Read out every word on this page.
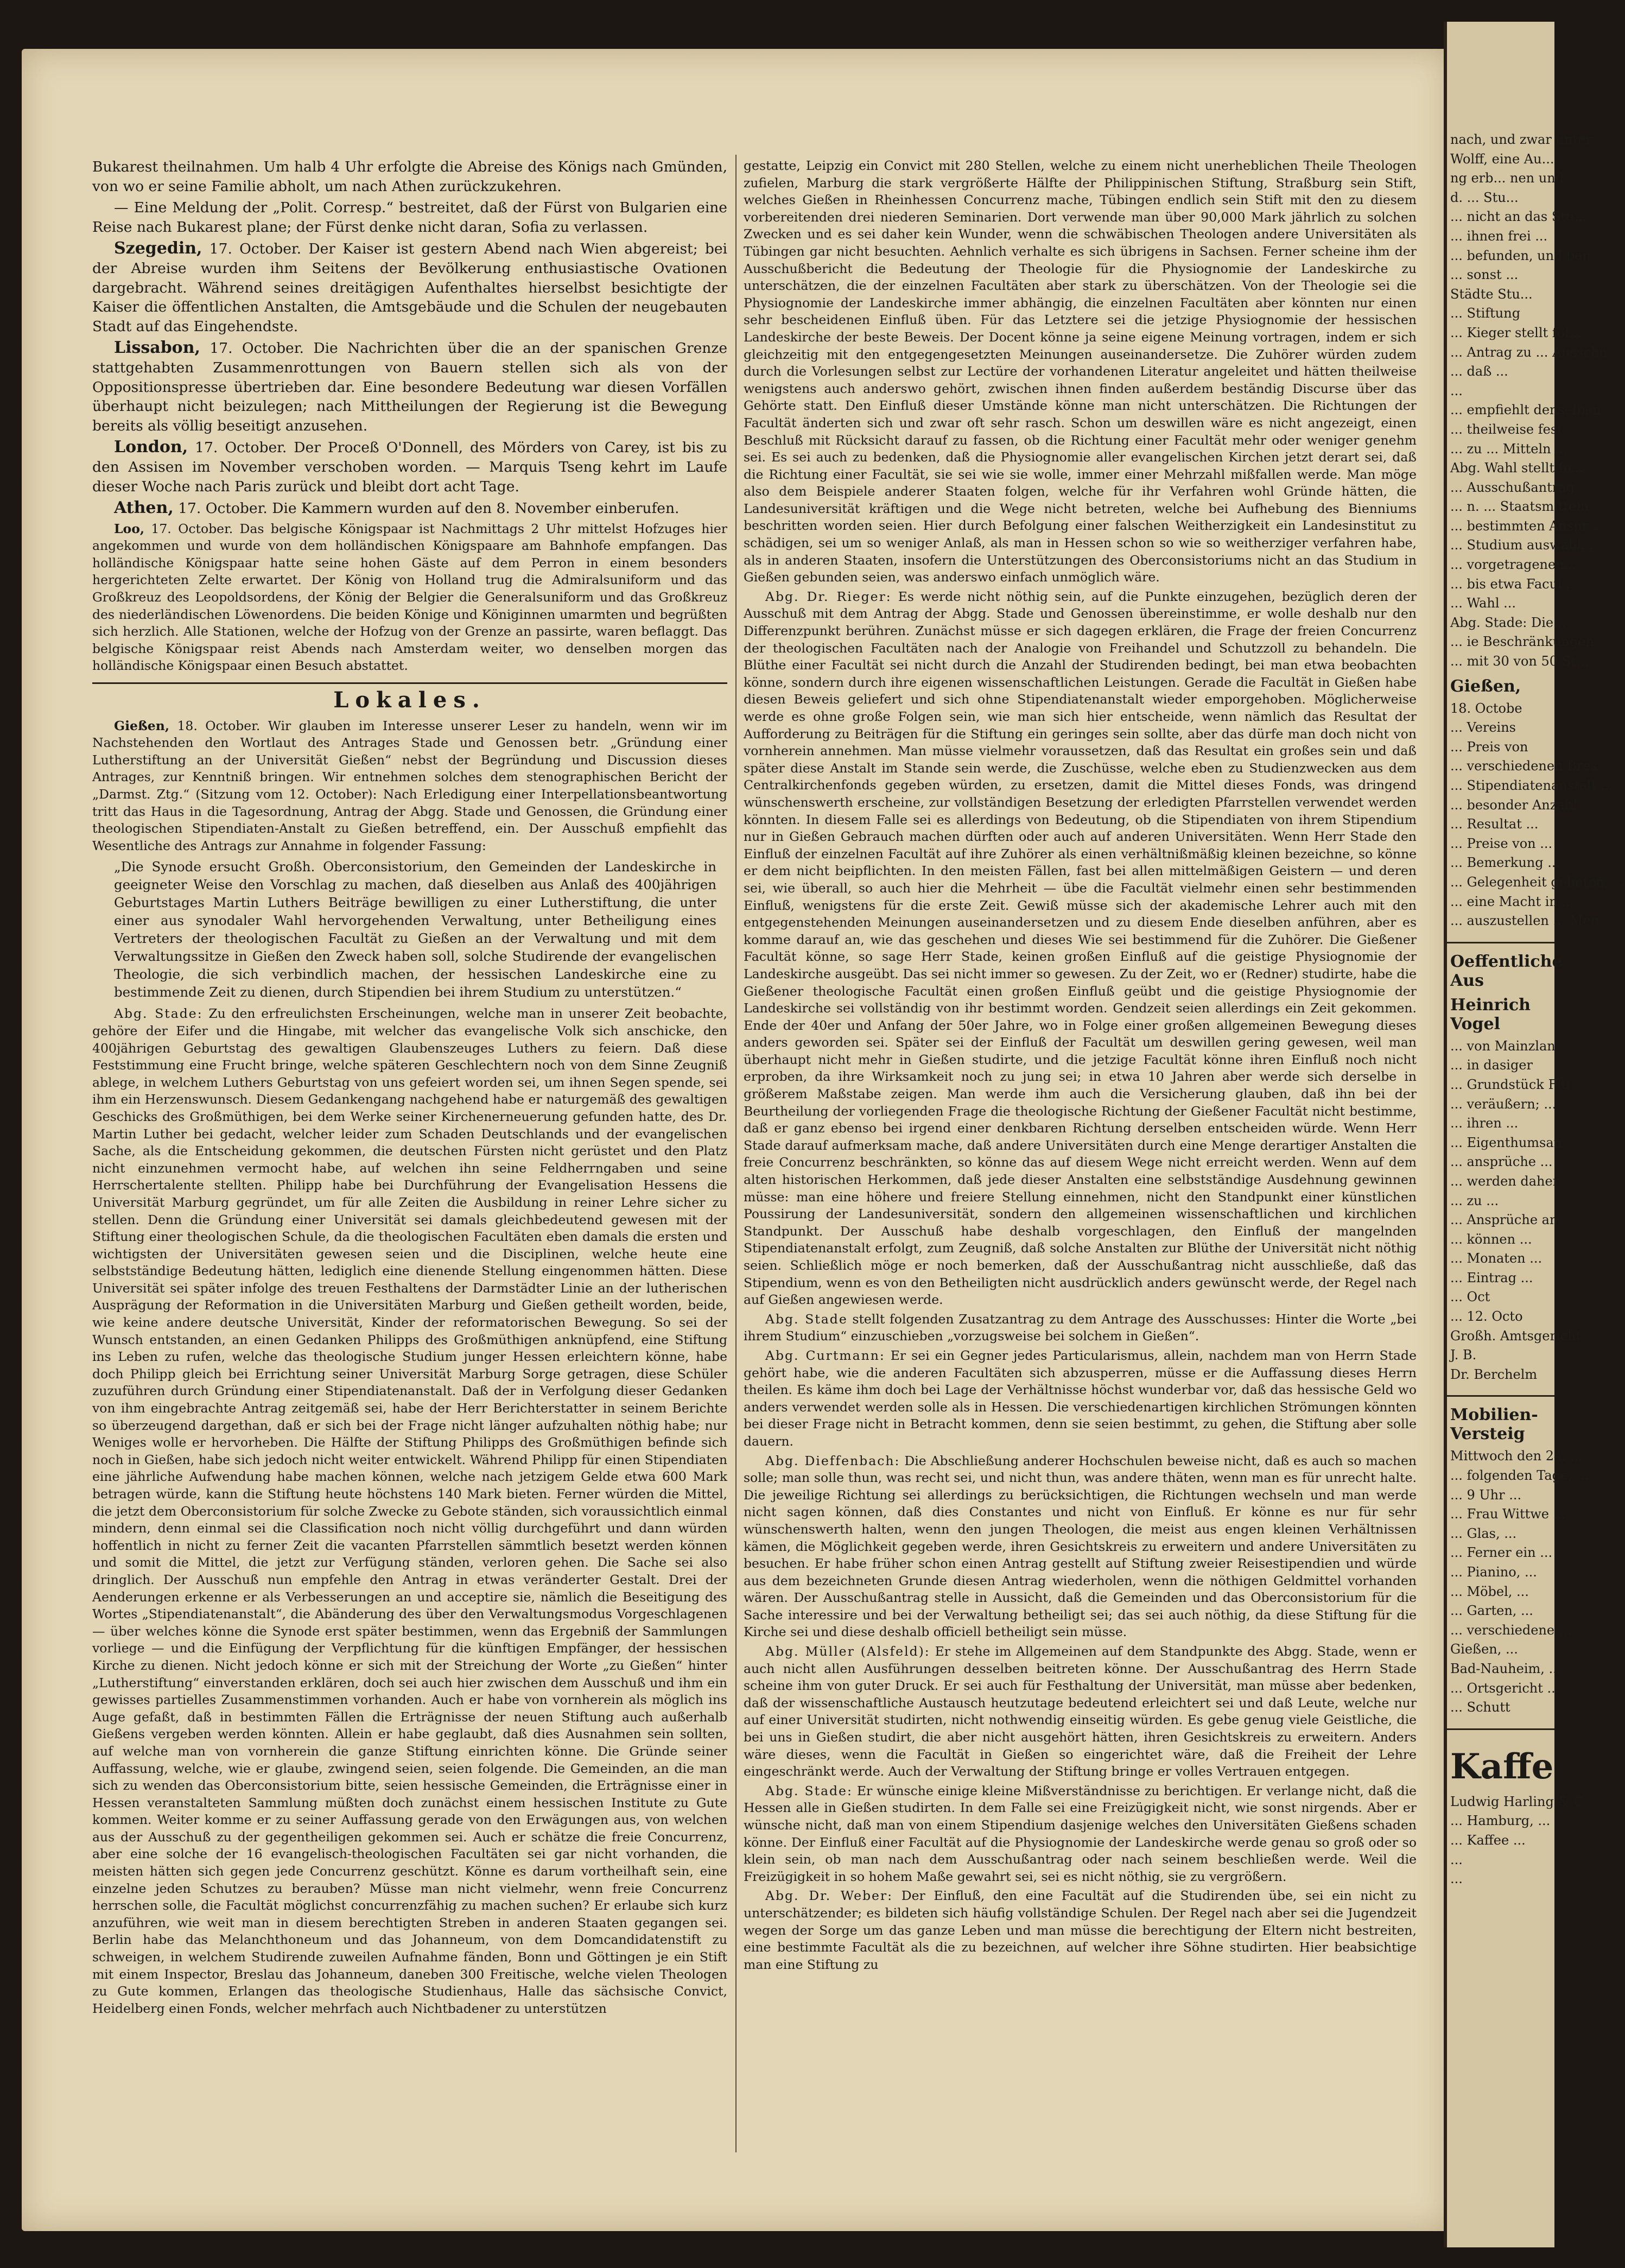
Bukarest theilnahmen. Um halb 4 Uhr erfolgte die Abreise des Königs nach Gmünden, von wo er seine Familie abholt, um nach Athen zurückzukehren.

— Eine Meldung der „Polit. Corresp.“ bestreitet, daß der Fürst von Bulgarien eine Reise nach Bukarest plane; der Fürst denke nicht daran, Sofia zu verlassen.

Szegedin, 17. October. Der Kaiser ist gestern Abend nach Wien abgereist; bei der Abreise wurden ihm Seitens der Bevölkerung enthusiastische Ovationen dargebracht. Während seines dreitägigen Aufenthaltes hierselbst besichtigte der Kaiser die öffentlichen Anstalten, die Amtsgebäude und die Schulen der neugebauten Stadt auf das Eingehendste.

Lissabon, 17. October. Die Nachrichten über die an der spanischen Grenze stattgehabten Zusammenrottungen von Bauern stellen sich als von der Oppositionspresse übertrieben dar. Eine besondere Bedeutung war diesen Vorfällen überhaupt nicht beizulegen; nach Mittheilungen der Regierung ist die Bewegung bereits als völlig beseitigt anzusehen.

London, 17. October. Der Proceß O'Donnell, des Mörders von Carey, ist bis zu den Assisen im November verschoben worden. — Marquis Tseng kehrt im Laufe dieser Woche nach Paris zurück und bleibt dort acht Tage.

Athen, 17. October. Die Kammern wurden auf den 8. November einberufen.

Loo, 17. October. Das belgische Königspaar ist Nachmittags 2 Uhr mittelst Hofzuges hier angekommen und wurde von dem holländischen Königspaare am Bahnhofe empfangen. Das holländische Königspaar hatte seine hohen Gäste auf dem Perron in einem besonders hergerichteten Zelte erwartet. Der König von Holland trug die Admiralsuniform und das Großkreuz des Leopoldsordens, der König der Belgier die Generalsuniform und das Großkreuz des niederländischen Löwenordens. Die beiden Könige und Königinnen umarmten und begrüßten sich herzlich. Alle Stationen, welche der Hofzug von der Grenze an passirte, waren beflaggt. Das belgische Königspaar reist Abends nach Amsterdam weiter, wo denselben morgen das holländische Königspaar einen Besuch abstattet.

Lokales.

Gießen, 18. October. Wir glauben im Interesse unserer Leser zu handeln, wenn wir im Nachstehenden den Wortlaut des Antrages Stade und Genossen betr. „Gründung einer Lutherstiftung an der Universität Gießen“ nebst der Begründung und Discussion dieses Antrages, zur Kenntniß bringen. Wir entnehmen solches dem stenographischen Bericht der „Darmst. Ztg.“ (Sitzung vom 12. October): Nach Erledigung einer Interpellationsbeantwortung tritt das Haus in die Tagesordnung, Antrag der Abgg. Stade und Genossen, die Gründung einer theologischen Stipendiaten-Anstalt zu Gießen betreffend, ein. Der Ausschuß empfiehlt das Wesentliche des Antrags zur Annahme in folgender Fassung:

„Die Synode ersucht Großh. Oberconsistorium, den Gemeinden der Landeskirche in geeigneter Weise den Vorschlag zu machen, daß dieselben aus Anlaß des 400jährigen Geburtstages Martin Luthers Beiträge bewilligen zu einer Lutherstiftung, die unter einer aus synodaler Wahl hervorgehenden Verwaltung, unter Betheiligung eines Vertreters der theologischen Facultät zu Gießen an der Verwaltung und mit dem Verwaltungssitze in Gießen den Zweck haben soll, solche Studirende der evangelischen Theologie, die sich verbindlich machen, der hessischen Landeskirche eine zu bestimmende Zeit zu dienen, durch Stipendien bei ihrem Studium zu unterstützen.“

Abg. Stade: Zu den erfreulichsten Erscheinungen, welche man in unserer Zeit beobachte, gehöre der Eifer und die Hingabe, mit welcher das evangelische Volk sich anschicke, den 400jährigen Geburtstag des gewaltigen Glaubenszeuges Luthers zu feiern. Daß diese Feststimmung eine Frucht bringe, welche späteren Geschlechtern noch von dem Sinne Zeugniß ablege, in welchem Luthers Geburtstag von uns gefeiert worden sei, um ihnen Segen spende, sei ihm ein Herzenswunsch. Diesem Gedankengang nachgehend habe er naturgemäß des gewaltigen Geschicks des Großmüthigen, bei dem Werke seiner Kirchenerneuerung gefunden hatte, des Dr. Martin Luther bei gedacht, welcher leider zum Schaden Deutschlands und der evangelischen Sache, als die Entscheidung gekommen, die deutschen Fürsten nicht gerüstet und den Platz nicht einzunehmen vermocht habe, auf welchen ihn seine Feldherrngaben und seine Herrschertalente stellten. Philipp habe bei Durchführung der Evangelisation Hessens die Universität Marburg gegründet, um für alle Zeiten die Ausbildung in reiner Lehre sicher zu stellen. Denn die Gründung einer Universität sei damals gleichbedeutend gewesen mit der Stiftung einer theologischen Schule, da die theologischen Facultäten eben damals die ersten und wichtigsten der Universitäten gewesen seien und die Disciplinen, welche heute eine selbstständige Bedeutung hätten, lediglich eine dienende Stellung eingenommen hätten. Diese Universität sei später infolge des treuen Festhaltens der Darmstädter Linie an der lutherischen Ausprägung der Reformation in die Universitäten Marburg und Gießen getheilt worden, beide, wie keine andere deutsche Universität, Kinder der reformatorischen Bewegung. So sei der Wunsch entstanden, an einen Gedanken Philipps des Großmüthigen anknüpfend, eine Stiftung ins Leben zu rufen, welche das theologische Studium junger Hessen erleichtern könne, habe doch Philipp gleich bei Errichtung seiner Universität Marburg Sorge getragen, diese Schüler zuzuführen durch Gründung einer Stipendiatenanstalt. Daß der in Verfolgung dieser Gedanken von ihm eingebrachte Antrag zeitgemäß sei, habe der Herr Berichterstatter in seinem Berichte so überzeugend dargethan, daß er sich bei der Frage nicht länger aufzuhalten nöthig habe; nur Weniges wolle er hervorheben. Die Hälfte der Stiftung Philipps des Großmüthigen befinde sich noch in Gießen, habe sich jedoch nicht weiter entwickelt. Während Philipp für einen Stipendiaten eine jährliche Aufwendung habe machen können, welche nach jetzigem Gelde etwa 600 Mark betragen würde, kann die Stiftung heute höchstens 140 Mark bieten. Ferner würden die Mittel, die jetzt dem Oberconsistorium für solche Zwecke zu Gebote ständen, sich voraussichtlich einmal mindern, denn einmal sei die Classification noch nicht völlig durchgeführt und dann würden hoffentlich in nicht zu ferner Zeit die vacanten Pfarrstellen sämmtlich besetzt werden können und somit die Mittel, die jetzt zur Verfügung ständen, verloren gehen. Die Sache sei also dringlich. Der Ausschuß nun empfehle den Antrag in etwas veränderter Gestalt. Drei der Aenderungen erkenne er als Verbesserungen an und acceptire sie, nämlich die Beseitigung des Wortes „Stipendiatenanstalt“, die Abänderung des über den Verwaltungsmodus Vorgeschlagenen — über welches könne die Synode erst später bestimmen, wenn das Ergebniß der Sammlungen vorliege — und die Einfügung der Verpflichtung für die künftigen Empfänger, der hessischen Kirche zu dienen. Nicht jedoch könne er sich mit der Streichung der Worte „zu Gießen“ hinter „Lutherstiftung“ einverstanden erklären, doch sei auch hier zwischen dem Ausschuß und ihm ein gewisses partielles Zusammenstimmen vorhanden. Auch er habe von vornherein als möglich ins Auge gefaßt, daß in bestimmten Fällen die Erträgnisse der neuen Stiftung auch außerhalb Gießens vergeben werden könnten. Allein er habe geglaubt, daß dies Ausnahmen sein sollten, auf welche man von vornherein die ganze Stiftung einrichten könne. Die Gründe seiner Auffassung, welche, wie er glaube, zwingend seien, seien folgende. Die Gemeinden, an die man sich zu wenden das Oberconsistorium bitte, seien hessische Gemeinden, die Erträgnisse einer in Hessen veranstalteten Sammlung müßten doch zunächst einem hessischen Institute zu Gute kommen. Weiter komme er zu seiner Auffassung gerade von den Erwägungen aus, von welchen aus der Ausschuß zu der gegentheiligen gekommen sei. Auch er schätze die freie Concurrenz, aber eine solche der 16 evangelisch-theologischen Facultäten sei gar nicht vorhanden, die meisten hätten sich gegen jede Concurrenz geschützt. Könne es darum vortheilhaft sein, eine einzelne jeden Schutzes zu berauben? Müsse man nicht vielmehr, wenn freie Concurrenz herrschen solle, die Facultät möglichst concurrenzfähig zu machen suchen? Er erlaube sich kurz anzuführen, wie weit man in diesem berechtigten Streben in anderen Staaten gegangen sei. Berlin habe das Melanchthoneum und das Johanneum, von dem Domcandidatenstift zu schweigen, in welchem Studirende zuweilen Aufnahme fänden, Bonn und Göttingen je ein Stift mit einem Inspector, Breslau das Johanneum, daneben 300 Freitische, welche vielen Theologen zu Gute kommen, Erlangen das theologische Studienhaus, Halle das sächsische Convict, Heidelberg einen Fonds, welcher mehrfach auch Nichtbadener zu unterstützen

gestatte, Leipzig ein Convict mit 280 Stellen, welche zu einem nicht unerheblichen Theile Theologen zufielen, Marburg die stark vergrößerte Hälfte der Philippinischen Stiftung, Straßburg sein Stift, welches Gießen in Rheinhessen Concurrenz mache, Tübingen endlich sein Stift mit den zu diesem vorbereitenden drei niederen Seminarien. Dort verwende man über 90,000 Mark jährlich zu solchen Zwecken und es sei daher kein Wunder, wenn die schwäbischen Theologen andere Universitäten als Tübingen gar nicht besuchten. Aehnlich verhalte es sich übrigens in Sachsen. Ferner scheine ihm der Ausschußbericht die Bedeutung der Theologie für die Physiognomie der Landeskirche zu unterschätzen, die der einzelnen Facultäten aber stark zu überschätzen. Von der Theologie sei die Physiognomie der Landeskirche immer abhängig, die einzelnen Facultäten aber könnten nur einen sehr bescheidenen Einfluß üben. Für das Letztere sei die jetzige Physiognomie der hessischen Landeskirche der beste Beweis. Der Docent könne ja seine eigene Meinung vortragen, indem er sich gleichzeitig mit den entgegengesetzten Meinungen auseinandersetze. Die Zuhörer würden zudem durch die Vorlesungen selbst zur Lectüre der vorhandenen Literatur angeleitet und hätten theilweise wenigstens auch anderswo gehört, zwischen ihnen finden außerdem beständig Discurse über das Gehörte statt. Den Einfluß dieser Umstände könne man nicht unterschätzen. Die Richtungen der Facultät änderten sich und zwar oft sehr rasch. Schon um deswillen wäre es nicht angezeigt, einen Beschluß mit Rücksicht darauf zu fassen, ob die Richtung einer Facultät mehr oder weniger genehm sei. Es sei auch zu bedenken, daß die Physiognomie aller evangelischen Kirchen jetzt derart sei, daß die Richtung einer Facultät, sie sei wie sie wolle, immer einer Mehrzahl mißfallen werde. Man möge also dem Beispiele anderer Staaten folgen, welche für ihr Verfahren wohl Gründe hätten, die Landesuniversität kräftigen und die Wege nicht betreten, welche bei Aufhebung des Bienniums beschritten worden seien. Hier durch Befolgung einer falschen Weitherzigkeit ein Landesinstitut zu schädigen, sei um so weniger Anlaß, als man in Hessen schon so wie so weitherziger verfahren habe, als in anderen Staaten, insofern die Unterstützungen des Oberconsistoriums nicht an das Studium in Gießen gebunden seien, was anderswo einfach unmöglich wäre.

Abg. Dr. Rieger: Es werde nicht nöthig sein, auf die Punkte einzugehen, bezüglich deren der Ausschuß mit dem Antrag der Abgg. Stade und Genossen übereinstimme, er wolle deshalb nur den Differenzpunkt berühren. Zunächst müsse er sich dagegen erklären, die Frage der freien Concurrenz der theologischen Facultäten nach der Analogie von Freihandel und Schutzzoll zu behandeln. Die Blüthe einer Facultät sei nicht durch die Anzahl der Studirenden bedingt, bei man etwa beobachten könne, sondern durch ihre eigenen wissenschaftlichen Leistungen. Gerade die Facultät in Gießen habe diesen Beweis geliefert und sich ohne Stipendiatenanstalt wieder emporgehoben. Möglicherweise werde es ohne große Folgen sein, wie man sich hier entscheide, wenn nämlich das Resultat der Aufforderung zu Beiträgen für die Stiftung ein geringes sein sollte, aber das dürfe man doch nicht von vornherein annehmen. Man müsse vielmehr voraussetzen, daß das Resultat ein großes sein und daß später diese Anstalt im Stande sein werde, die Zuschüsse, welche eben zu Studienzwecken aus dem Centralkirchenfonds gegeben würden, zu ersetzen, damit die Mittel dieses Fonds, was dringend wünschenswerth erscheine, zur vollständigen Besetzung der erledigten Pfarrstellen verwendet werden könnten. In diesem Falle sei es allerdings von Bedeutung, ob die Stipendiaten von ihrem Stipendium nur in Gießen Gebrauch machen dürften oder auch auf anderen Universitäten. Wenn Herr Stade den Einfluß der einzelnen Facultät auf ihre Zuhörer als einen verhältnißmäßig kleinen bezeichne, so könne er dem nicht beipflichten. In den meisten Fällen, fast bei allen mittelmäßigen Geistern — und deren sei, wie überall, so auch hier die Mehrheit — übe die Facultät vielmehr einen sehr bestimmenden Einfluß, wenigstens für die erste Zeit. Gewiß müsse sich der akademische Lehrer auch mit den entgegenstehenden Meinungen auseinandersetzen und zu diesem Ende dieselben anführen, aber es komme darauf an, wie das geschehen und dieses Wie sei bestimmend für die Zuhörer. Die Gießener Facultät könne, so sage Herr Stade, keinen großen Einfluß auf die geistige Physiognomie der Landeskirche ausgeübt. Das sei nicht immer so gewesen. Zu der Zeit, wo er (Redner) studirte, habe die Gießener theologische Facultät einen großen Einfluß geübt und die geistige Physiognomie der Landeskirche sei vollständig von ihr bestimmt worden. Gendzeit seien allerdings ein Zeit gekommen. Ende der 40er und Anfang der 50er Jahre, wo in Folge einer großen allgemeinen Bewegung dieses anders geworden sei. Später sei der Einfluß der Facultät um deswillen gering gewesen, weil man überhaupt nicht mehr in Gießen studirte, und die jetzige Facultät könne ihren Einfluß noch nicht erproben, da ihre Wirksamkeit noch zu jung sei; in etwa 10 Jahren aber werde sich derselbe in größerem Maßstabe zeigen. Man werde ihm auch die Versicherung glauben, daß ihn bei der Beurtheilung der vorliegenden Frage die theologische Richtung der Gießener Facultät nicht bestimme, daß er ganz ebenso bei irgend einer denkbaren Richtung derselben entscheiden würde. Wenn Herr Stade darauf aufmerksam mache, daß andere Universitäten durch eine Menge derartiger Anstalten die freie Concurrenz beschränkten, so könne das auf diesem Wege nicht erreicht werden. Wenn auf dem alten historischen Herkommen, daß jede dieser Anstalten eine selbstständige Ausdehnung gewinnen müsse: man eine höhere und freiere Stellung einnehmen, nicht den Standpunkt einer künstlichen Poussirung der Landesuniversität, sondern den allgemeinen wissenschaftlichen und kirchlichen Standpunkt. Der Ausschuß habe deshalb vorgeschlagen, den Einfluß der mangelnden Stipendiatenanstalt erfolgt, zum Zeugniß, daß solche Anstalten zur Blüthe der Universität nicht nöthig seien. Schließlich möge er noch bemerken, daß der Ausschußantrag nicht ausschließe, daß das Stipendium, wenn es von den Betheiligten nicht ausdrücklich anders gewünscht werde, der Regel nach auf Gießen angewiesen werde.

Abg. Stade stellt folgenden Zusatzantrag zu dem Antrage des Ausschusses: Hinter die Worte „bei ihrem Studium“ einzuschieben „vorzugsweise bei solchem in Gießen“.

Abg. Curtmann: Er sei ein Gegner jedes Particularismus, allein, nachdem man von Herrn Stade gehört habe, wie die anderen Facultäten sich abzusperren, müsse er die Auffassung dieses Herrn theilen. Es käme ihm doch bei Lage der Verhältnisse höchst wunderbar vor, daß das hessische Geld wo anders verwendet werden solle als in Hessen. Die verschiedenartigen kirchlichen Strömungen könnten bei dieser Frage nicht in Betracht kommen, denn sie seien bestimmt, zu gehen, die Stiftung aber solle dauern.

Abg. Dieffenbach: Die Abschließung anderer Hochschulen beweise nicht, daß es auch so machen solle; man solle thun, was recht sei, und nicht thun, was andere thäten, wenn man es für unrecht halte. Die jeweilige Richtung sei allerdings zu berücksichtigen, die Richtungen wechseln und man werde nicht sagen können, daß dies Constantes und nicht von Einfluß. Er könne es nur für sehr wünschenswerth halten, wenn den jungen Theologen, die meist aus engen kleinen Verhältnissen kämen, die Möglichkeit gegeben werde, ihren Gesichtskreis zu erweitern und andere Universitäten zu besuchen. Er habe früher schon einen Antrag gestellt auf Stiftung zweier Reisestipendien und würde aus dem bezeichneten Grunde diesen Antrag wiederholen, wenn die nöthigen Geldmittel vorhanden wären. Der Ausschußantrag stelle in Aussicht, daß die Gemeinden und das Oberconsistorium für die Sache interessire und bei der Verwaltung betheiligt sei; das sei auch nöthig, da diese Stiftung für die Kirche sei und diese deshalb officiell betheiligt sein müsse.

Abg. Müller (Alsfeld): Er stehe im Allgemeinen auf dem Standpunkte des Abgg. Stade, wenn er auch nicht allen Ausführungen desselben beitreten könne. Der Ausschußantrag des Herrn Stade scheine ihm von guter Druck. Er sei auch für Festhaltung der Universität, man müsse aber bedenken, daß der wissenschaftliche Austausch heutzutage bedeutend erleichtert sei und daß Leute, welche nur auf einer Universität studirten, nicht nothwendig einseitig würden. Es gebe genug viele Geistliche, die bei uns in Gießen studirt, die aber nicht ausgehört hätten, ihren Gesichtskreis zu erweitern. Anders wäre dieses, wenn die Facultät in Gießen so eingerichtet wäre, daß die Freiheit der Lehre eingeschränkt werde. Auch der Verwaltung der Stiftung bringe er volles Vertrauen entgegen.

Abg. Stade: Er wünsche einige kleine Mißverständnisse zu berichtigen. Er verlange nicht, daß die Hessen alle in Gießen studirten. In dem Falle sei eine Freizügigkeit nicht, wie sonst nirgends. Aber er wünsche nicht, daß man von einem Stipendium dasjenige welches den Universitäten Gießens schaden könne. Der Einfluß einer Facultät auf die Physiognomie der Landeskirche werde genau so groß oder so klein sein, ob man nach dem Ausschußantrag oder nach seinem beschließen werde. Weil die Freizügigkeit in so hohem Maße gewahrt sei, sei es nicht nöthig, sie zu vergrößern.

Abg. Dr. Weber: Der Einfluß, den eine Facultät auf die Studirenden übe, sei ein nicht zu unterschätzender; es bildeten sich häufig vollständige Schulen. Der Regel nach aber sei die Jugendzeit wegen der Sorge um das ganze Leben und man müsse die berechtigung der Eltern nicht bestreiten, eine bestimmte Facultät als die zu bezeichnen, auf welcher ihre Söhne studirten. Hier beabsichtige man eine Stiftung zu

nach, und zwar unter
Wolff, eine Au...
ng erb... nen und
d. ... Stu...
... nicht an das Stu...
... ihnen frei ...
... befunden, und ben
... sonst ...
Städte Stu...
... Stiftung
... Kieger stellt fol...
... Antrag zu ... Ausschu
... daß ...
...
... empfiehlt denselben
... theilweise fest ...
... zu ... Mitteln ...
Abg. Wahl stellt fo...
... Ausschußantrag
... n. ... Staatsmitteln
... bestimmten Anspr...
... Studium auswähl...
... vorgetragenen...
... bis etwa Facul...
... Wahl ...
Abg. Stade: Die...
... ie Beschränkungen
... mit 30 von 50 St...
Gießen,
18. Octobe
... Vereins
... Preis von
... verschiedenen Bres
... Stipendiatenanstalt ...
... besonder Anzahl
... Resultat ...
... Preise von ...
... Bemerkung ...
... Gelegenheit geboten, ...
... eine Macht in ...
... auszustellen ... Men
Oeffentliche Aus
Heinrich Vogel
... von Mainzlan
... in dasiger
... Grundstück Flu
... veräußern; ...
... ihren ...
... Eigenthumsan
... ansprüche ...
... werden daher
... zu ...
... Ansprüche an
... können ...
... Monaten ...
... Eintrag ...
... Oct
... 12. Octo
Großh. Amtsgericht
J. B.
Dr. Berchelm
Mobilien-Versteig
Mittwoch den 24. ...
... folgenden Tage, ...
... 9 Uhr ...
... Frau Wittwe ...
... Glas, ...
... Ferner ein ...
... Pianino, ...
... Möbel, ...
... Garten, ...
... verschiedene ...
Gießen, ...
Bad-Nauheim, ...
... Ortsgericht ...
... Schutt
Kaffe
Ludwig Harling & C
... Hamburg, ...
... Kaffee ...
...
...
